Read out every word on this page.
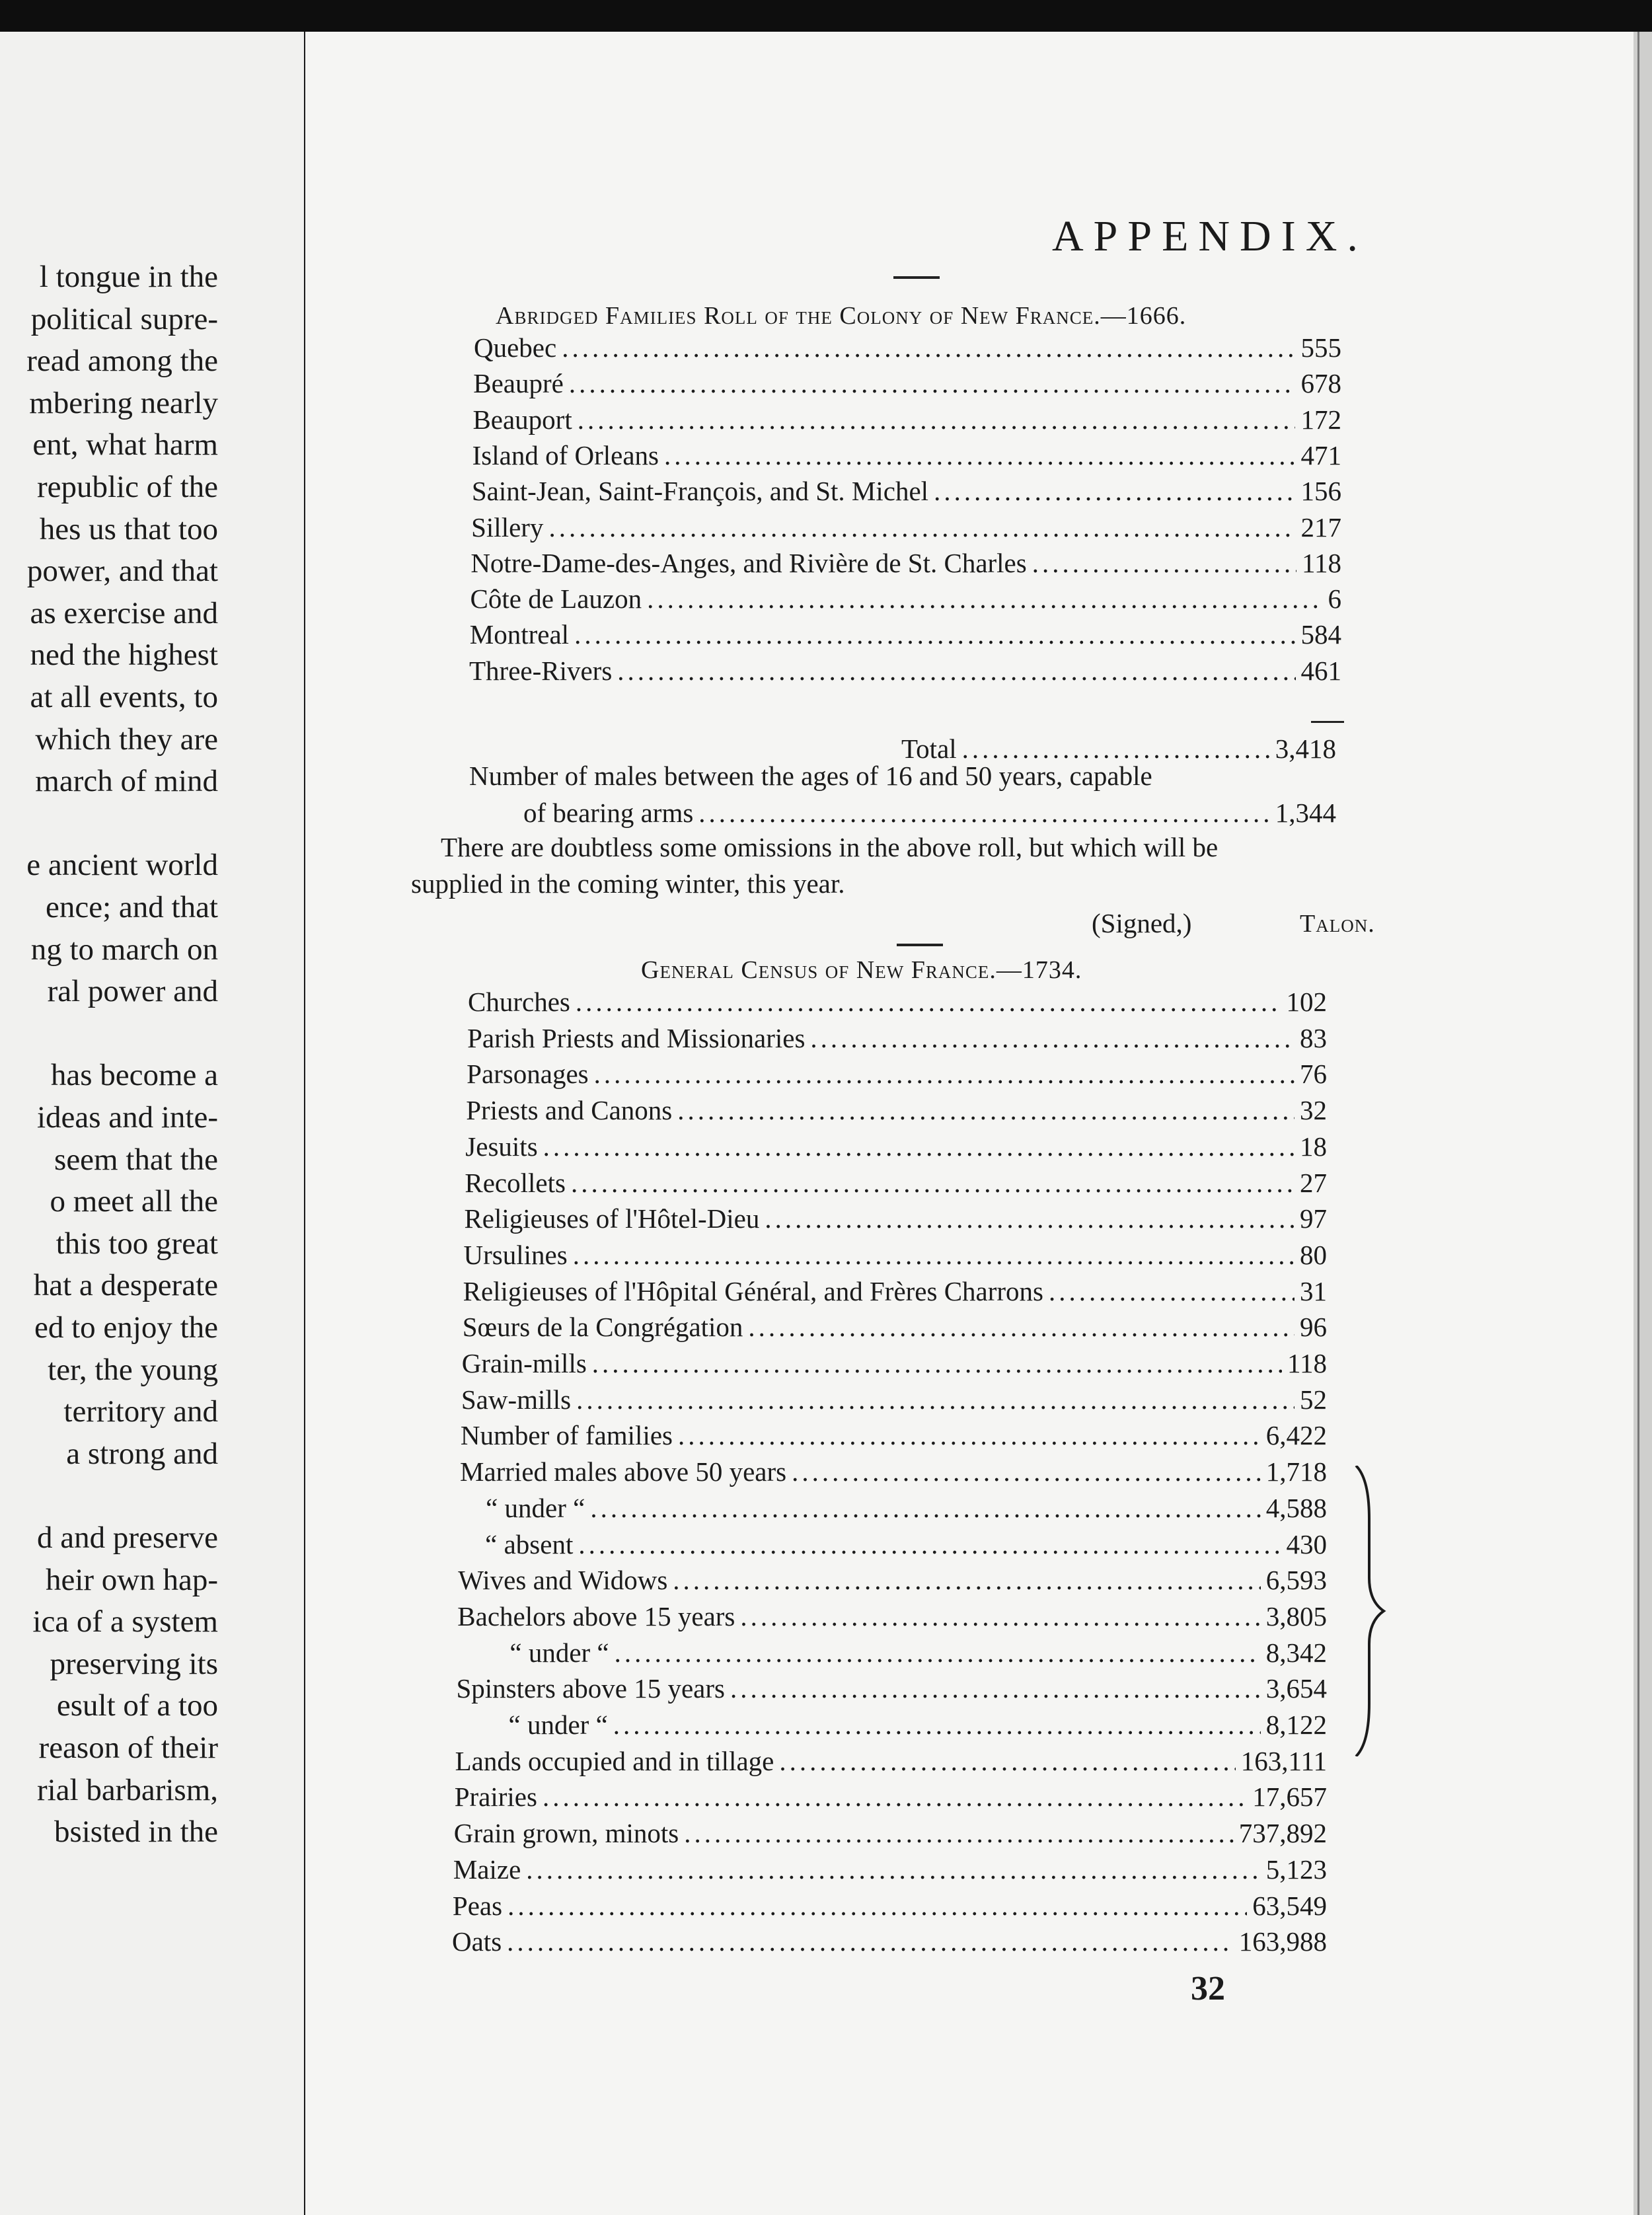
l tongue in the
political supre-
read among the
mbering nearly
ent, what harm
republic of the
hes us that too
power, and that
as exercise and
ned the highest
at all events, to
which they are
march of mind
e ancient world
ence; and that
ng to march on
ral power and
has become a
ideas and inte-
seem that the
o meet all the
this too great
hat a desperate
ed to enjoy the
ter, the young
territory and
a strong and
d and preserve
heir own hap-
ica of a system
preserving its
esult of a too
reason of their
rial barbarism,
bsisted in the
APPENDIX.
Abridged Families Roll of the Colony of New France.—1666.
Quebec .....	555
Beaupré .....	678
Beauport .....	172
Island of Orleans .....	471
Saint-Jean, Saint-François, and St. Michel .....	156
Sillery .....	217
Notre-Dame-des-Anges, and Rivière de St. Charles .....	118
Côte de Lauzon .....	6
Montreal .....	584
Three-Rivers .....	461
Total .....	3,418
Number of males between the ages of 16 and 50 years, capable
of bearing arms .....	1,344
There are doubtless some omissions in the above roll, but which will be
supplied in the coming winter, this year.
(Signed,)	Talon.
General Census of New France.—1734.
Churches .....	102
Parish Priests and Missionaries .....	83
Parsonages .....	76
Priests and Canons .....	32
Jesuits .....	18
Recollets .....	27
Religieuses of l'Hôtel-Dieu .....	97
Ursulines .....	80
Religieuses of l'Hôpital Général, and Frères Charrons .....	31
Sœurs de la Congrégation .....	96
Grain-mills .....	118
Saw-mills .....	52
Number of families .....	6,422
Married males above 50 years .....	1,718
“ under “ .....	4,588
“ absent .....	430
Wives and Widows .....	6,593
Bachelors above 15 years .....	3,805
“ under “ .....	8,342
Spinsters above 15 years .....	3,654
“ under “ .....	8,122
Lands occupied and in tillage .....	163,111
Prairies .....	17,657
Grain grown, minots .....	737,892
Maize .....	5,123
Peas .....	63,549
Oats .....	163,988
32
